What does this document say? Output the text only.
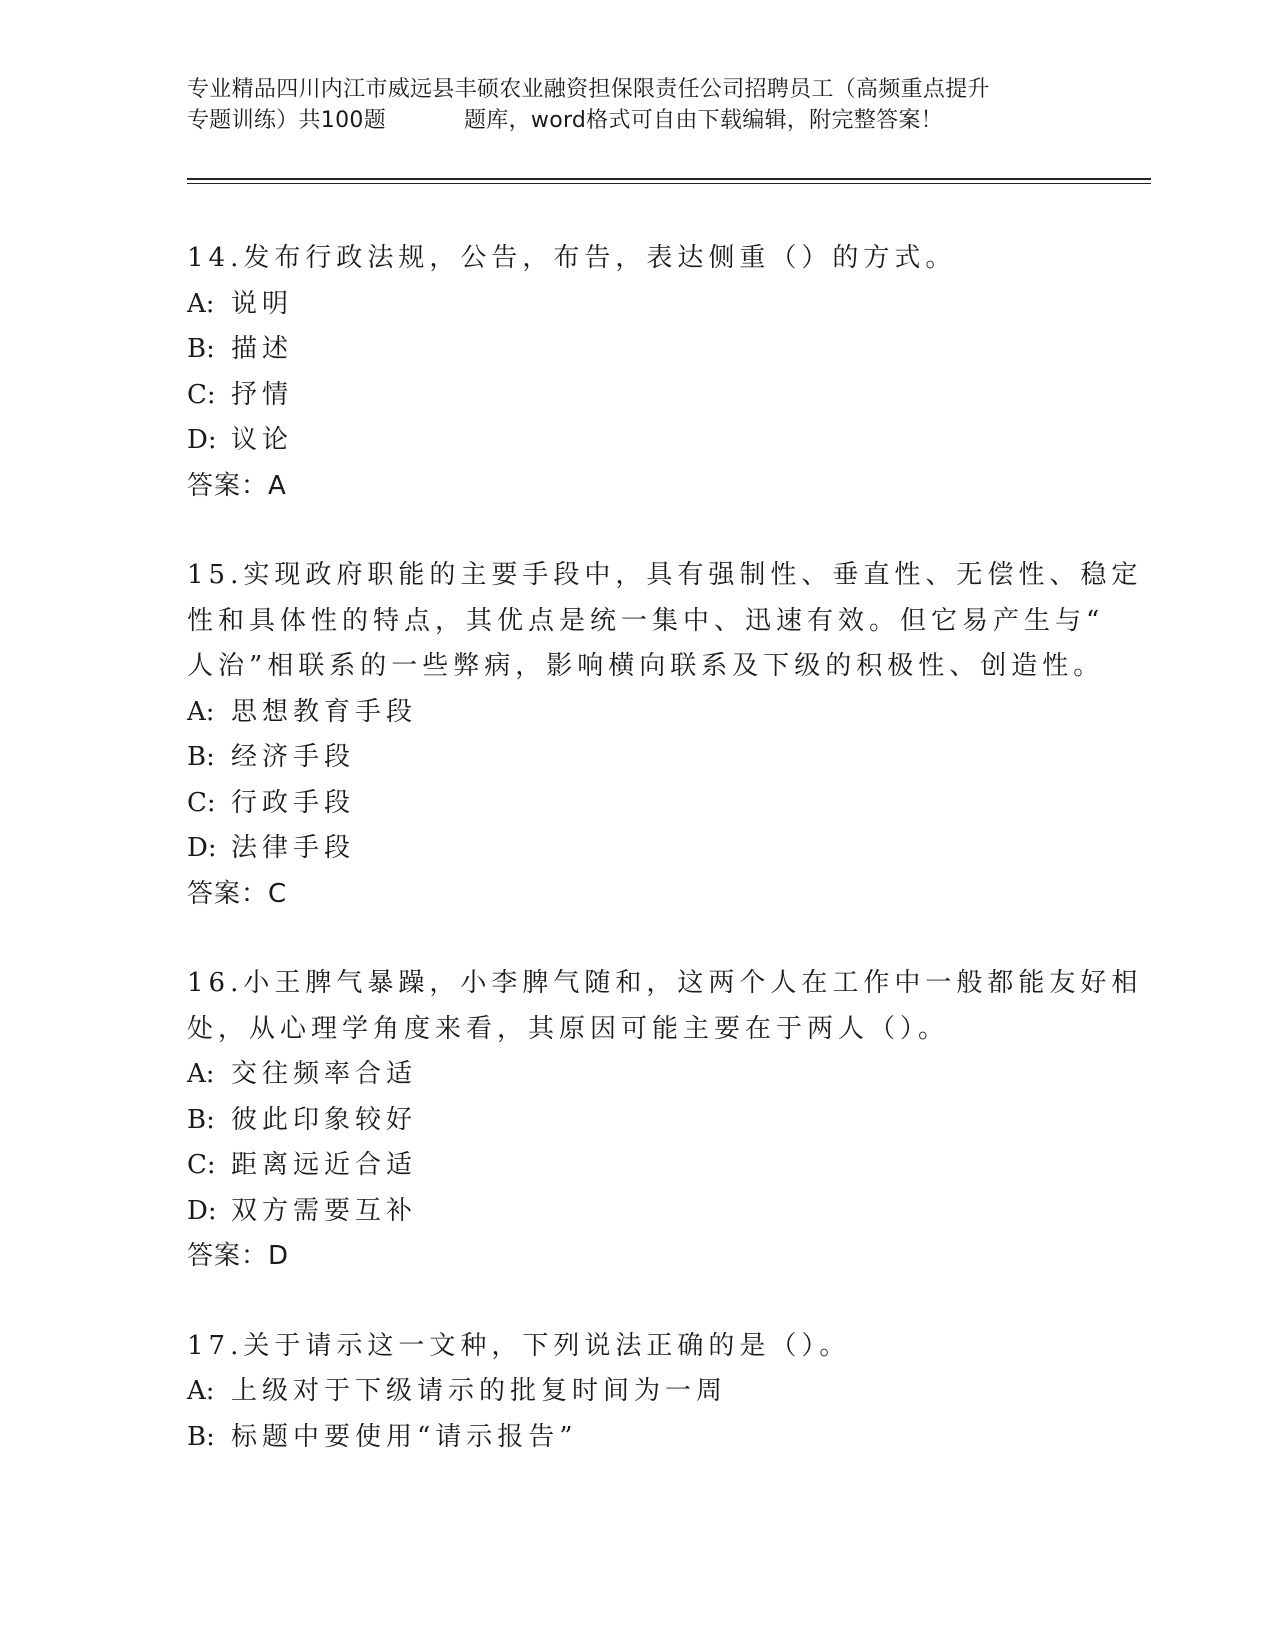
专业精品四川内江市威远县丰硕农业融资担保限责任公司招聘员工（高频重点提升
专题训练）共100题	题库，word格式可自由下载编辑，附完整答案！

14.发布行政法规，公告，布告，表达侧重（）的方式。

A: 说明
B: 描述
C: 抒情
D: 议论
答案：A

15.实现政府职能的主要手段中，具有强制性、垂直性、无偿性、稳定
性和具体性的特点，其优点是统一集中、迅速有效。但它易产生与“
人治”相联系的一些弊病，影响横向联系及下级的积极性、创造性。

A: 思想教育手段
B: 经济手段
C: 行政手段
D: 法律手段
答案：C

16.小王脾气暴躁，小李脾气随和，这两个人在工作中一般都能友好相
处，从心理学角度来看，其原因可能主要在于两人（）。

A: 交往频率合适
B: 彼此印象较好
C: 距离远近合适
D: 双方需要互补
答案：D

17.关于请示这一文种，下列说法正确的是（）。

A: 上级对于下级请示的批复时间为一周
B: 标题中要使用“请示报告”
